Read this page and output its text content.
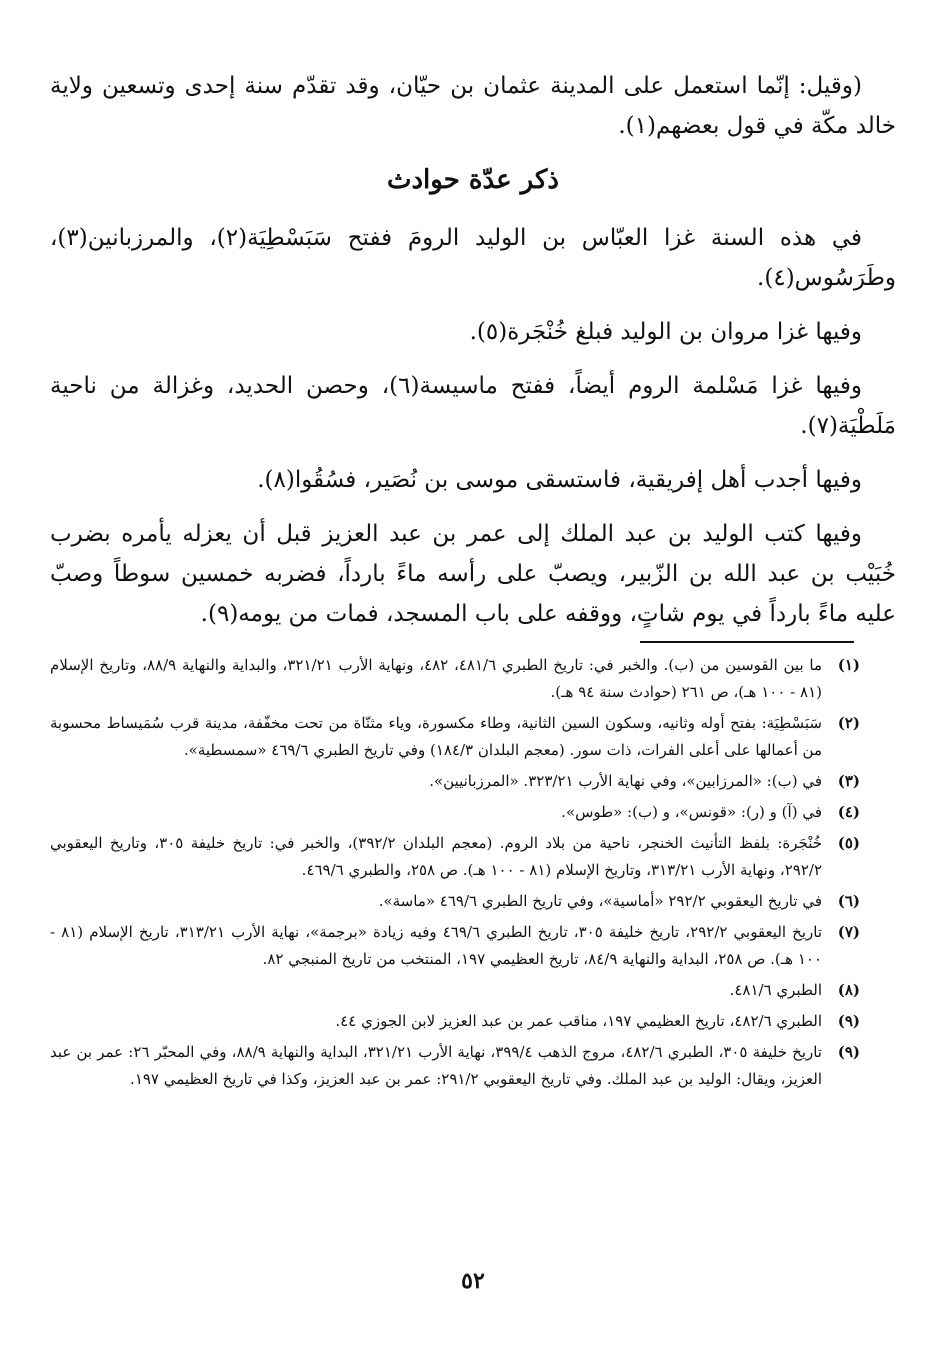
(وقيل: إنّما استعمل على المدينة عثمان بن حيّان، وقد تقدّم سنة إحدى وتسعين ولاية خالد مكّة في قول بعضهم(١).

ذكر عدّة حوادث

في هذه السنة غزا العبّاس بن الوليد الرومَ ففتح سَبَسْطِيَة(٢)، والمرزبانين(٣)، وطَرَسُوس(٤).

وفيها غزا مروان بن الوليد فبلغ خُنْجَرة(٥).

وفيها غزا مَسْلمة الروم أيضاً، ففتح ماسيسة(٦)، وحصن الحديد، وغزالة من ناحية مَلَطْيَة(٧).

وفيها أجدب أهل إفريقية، فاستسقى موسى بن نُصَير، فسُقُوا(٨).

وفيها كتب الوليد بن عبد الملك إلى عمر بن عبد العزيز قبل أن يعزله يأمره بضرب خُبَيْب بن عبد الله بن الزّبير، ويصبّ على رأسه ماءً بارداً، فضربه خمسين سوطاً وصبّ عليه ماءً بارداً في يوم شاتٍ، ووقفه على باب المسجد، فمات من يومه(٩).

(١)
ما بين القوسين من (ب). والخبر في: تاريخ الطبري ٤٨١/٦، ٤٨٢، ونهاية الأرب ٣٢١/٢١، والبداية والنهاية ٨٨/٩، وتاريخ الإسلام (٨١ - ١٠٠ هـ)، ص ٢٦١ (حوادث سنة ٩٤ هـ).
(٢)
سَبَسْطِيَة: بفتح أوله وثانيه، وسكون السين الثانية، وطاء مكسورة، وياء مثنّاة من تحت مخفّفة، مدينة قرب سُمَيساط محسوبة من أعمالها على أعلى الفرات، ذات سور. (معجم البلدان ١٨٤/٣) وفي تاريخ الطبري ٤٦٩/٦ «سمسطية».
(٣)
في (ب): «المرزابين»، وفي نهاية الأرب ٣٢٣/٢١. «المرزبانيين».
(٤)
في (آ) و (ر): «قونس»، و (ب): «طوس».
(٥)
خُنْجَرة: بلفظ التأنيث الخنجر، ناحية من بلاد الروم. (معجم البلدان ٣٩٢/٢)، والخبر في: تاريخ خليفة ٣٠٥، وتاريخ اليعقوبي ٢٩٢/٢، ونهاية الأرب ٣١٣/٢١، وتاريخ الإسلام (٨١ - ١٠٠ هـ). ص ٢٥٨، والطبري ٤٦٩/٦.
(٦)
في تاريخ اليعقوبي ٢٩٢/٢ «أماسية»، وفي تاريخ الطبري ٤٦٩/٦ «ماسة».
(٧)
تاريخ اليعقوبي ٢٩٢/٢، تاريخ خليفة ٣٠٥، تاريخ الطبري ٤٦٩/٦ وفيه زيادة «برجمة»، نهاية الأرب ٣١٣/٢١، تاريخ الإسلام (٨١ - ١٠٠ هـ). ص ٢٥٨، البداية والنهاية ٨٤/٩، تاريخ العظيمي ١٩٧، المنتخب من تاريخ المنبجي ٨٢.
(٨)
الطبري ٤٨١/٦.
(٩)
الطبري ٤٨٢/٦، تاريخ العظيمي ١٩٧، مناقب عمر بن عبد العزيز لابن الجوزي ٤٤.
(٩)
تاريخ خليفة ٣٠٥، الطبري ٤٨٢/٦، مروج الذهب ٣٩٩/٤، نهاية الأرب ٣٢١/٢١، البداية والنهاية ٨٨/٩، وفي المحبّر ٢٦: عمر بن عبد العزيز، ويقال: الوليد بن عبد الملك. وفي تاريخ اليعقوبي ٢٩١/٢: عمر بن عبد العزيز، وكذا في تاريخ العظيمي ١٩٧.
٥٢
